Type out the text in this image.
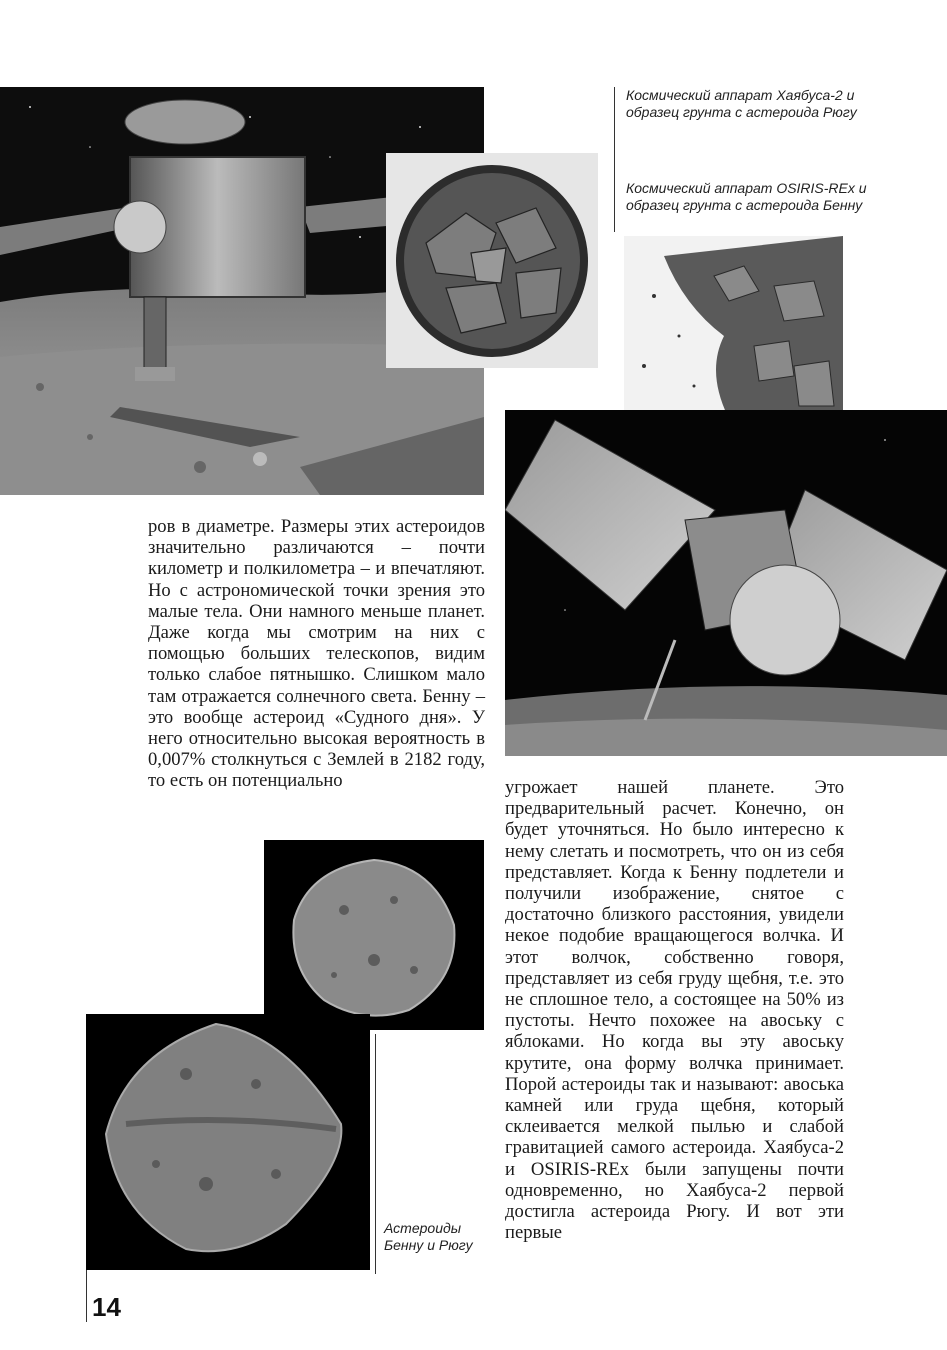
Космический аппарат Хаябуса-2 и образец грунта с астероида Рюгу
Космический аппарат OSIRIS-REx и образец грунта с астероида Бенну

ров в диаметре. Размеры этих астероидов значительно различаются – почти километр и полкилометра – и впечатляют. Но с астрономической точки зрения это малые тела. Они намного меньше планет. Даже когда мы смотрим на них с помощью больших телескопов, видим только слабое пятнышко. Слишком мало там отражается солнечного света. Бенну – это вообще астероид «Судного дня». У него относительно высокая вероятность в 0,007% столкнуться с Землей в 2182 году, то есть он потенциально	угрожает нашей планете. Это предварительный расчет. Конечно, он будет уточняться. Но было интересно к нему слетать и посмотреть, что он из себя представляет. Когда к Бенну подлетели и получили изображение, снятое с достаточно близкого расстояния, увидели некое подобие вращающегося волчка. И этот волчок, собственно говоря, представляет из себя груду щебня, т.е. это не сплошное тело, а состоящее на 50% из пустоты. Нечто похожее на авоську с яблоками. Но когда вы эту авоську крутите, она форму волчка принимает. Порой астероиды так и называют: авоська камней или груда щебня, который склеивается мелкой пылью и слабой гравитацией самого астероида. Хаябуса-2 и OSIRIS-REx были запущены почти одновременно, но Хаябуса-2 первой достигла астероида Рюгу. И вот эти первые

Астероиды Бенну и Рюгу
14
